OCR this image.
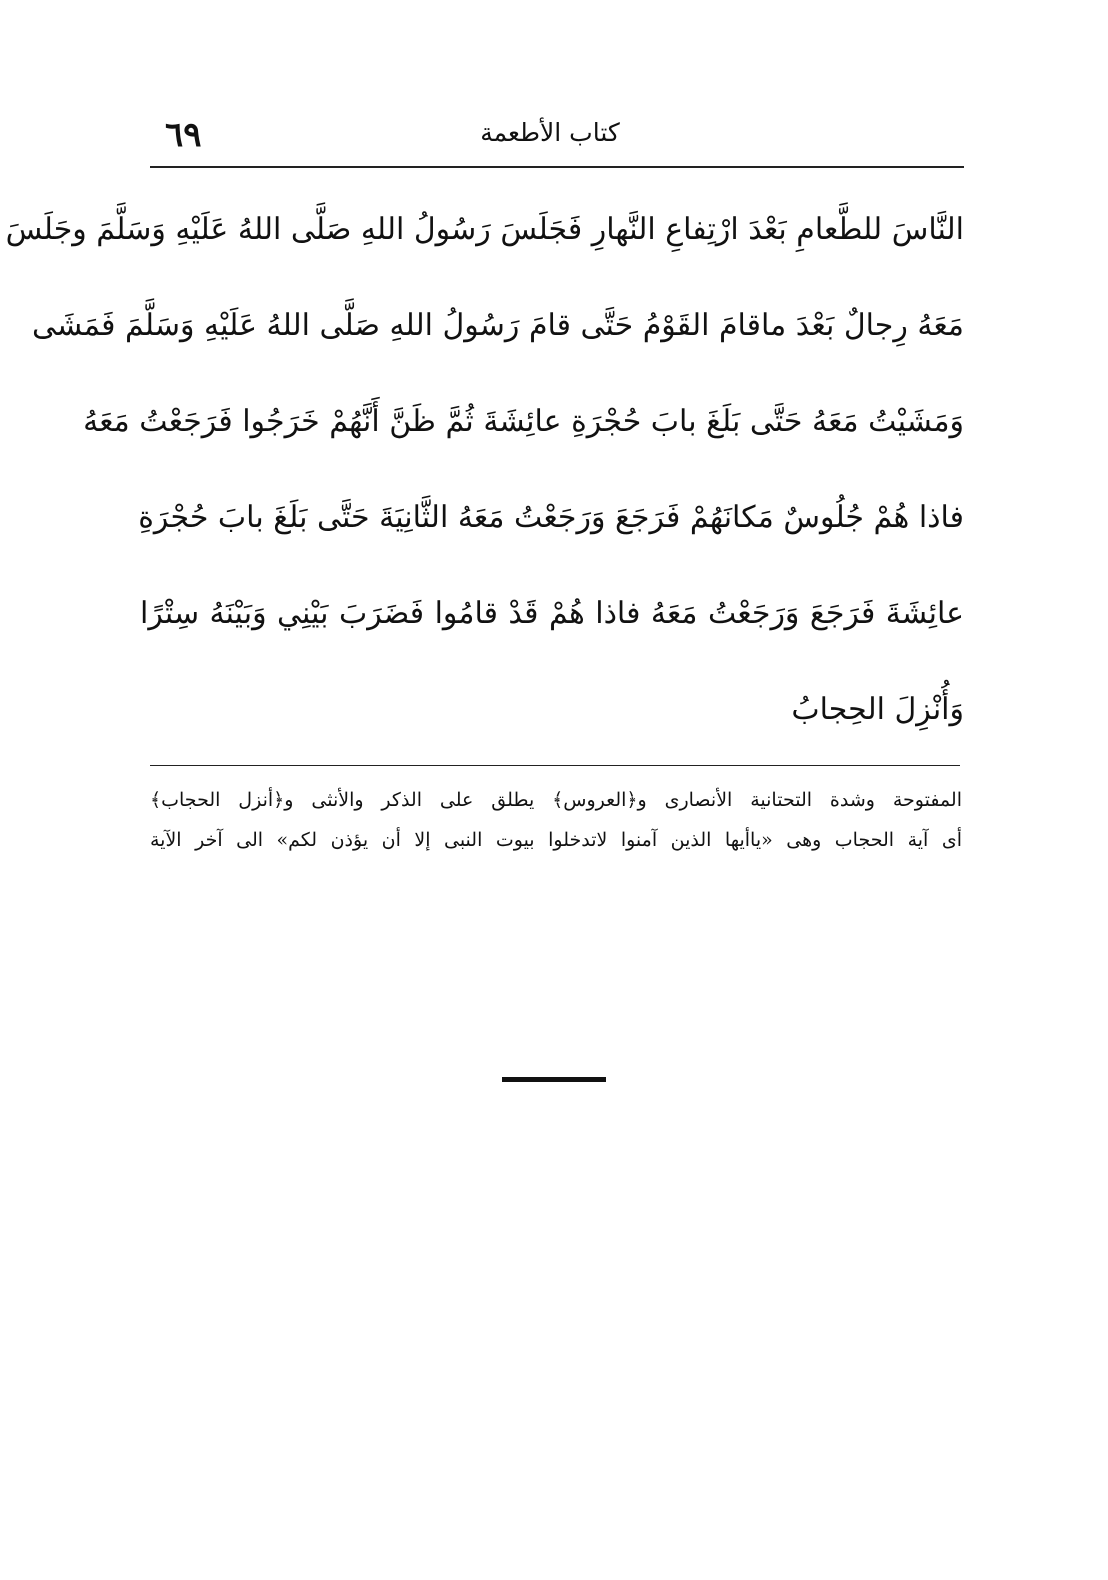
٦٩	كتاب الأطعمة
النَّاسَ للطَّعامِ بَعْدَ ارْتِفاعِ النَّهارِ فَجَلَسَ رَسُولُ اللهِ صَلَّى اللهُ عَلَيْهِ وَسَلَّمَ وجَلَسَ
مَعَهُ رِجالٌ بَعْدَ ماقامَ القَوْمُ حَتَّى قامَ رَسُولُ اللهِ صَلَّى اللهُ عَلَيْهِ وَسَلَّمَ فَمَشَى
وَمَشَيْتُ مَعَهُ حَتَّى بَلَغَ بابَ حُجْرَةِ عائِشَةَ ثُمَّ ظَنَّ أَنَّهُمْ خَرَجُوا فَرَجَعْتُ مَعَهُ
فاذا هُمْ جُلُوسٌ مَكانَهُمْ فَرَجَعَ وَرَجَعْتُ مَعَهُ الثَّانِيَةَ حَتَّى بَلَغَ بابَ حُجْرَةِ
عائِشَةَ فَرَجَعَ وَرَجَعْتُ مَعَهُ فاذا هُمْ قَدْ قامُوا فَضَرَبَ بَيْنِي وَبَيْنَهُ سِتْرًا
وَأُنْزِلَ الحِجابُ
المفتوحة وشدة التحتانية الأنصارى و﴿العروس﴾ يطلق على الذكر والأنثى و﴿أنزل الحجاب﴾
أى آية الحجاب وهى «ياأيها الذين آمنوا لاتدخلوا بيوت النبى إلا أن يؤذن لكم» الى آخر الآية
